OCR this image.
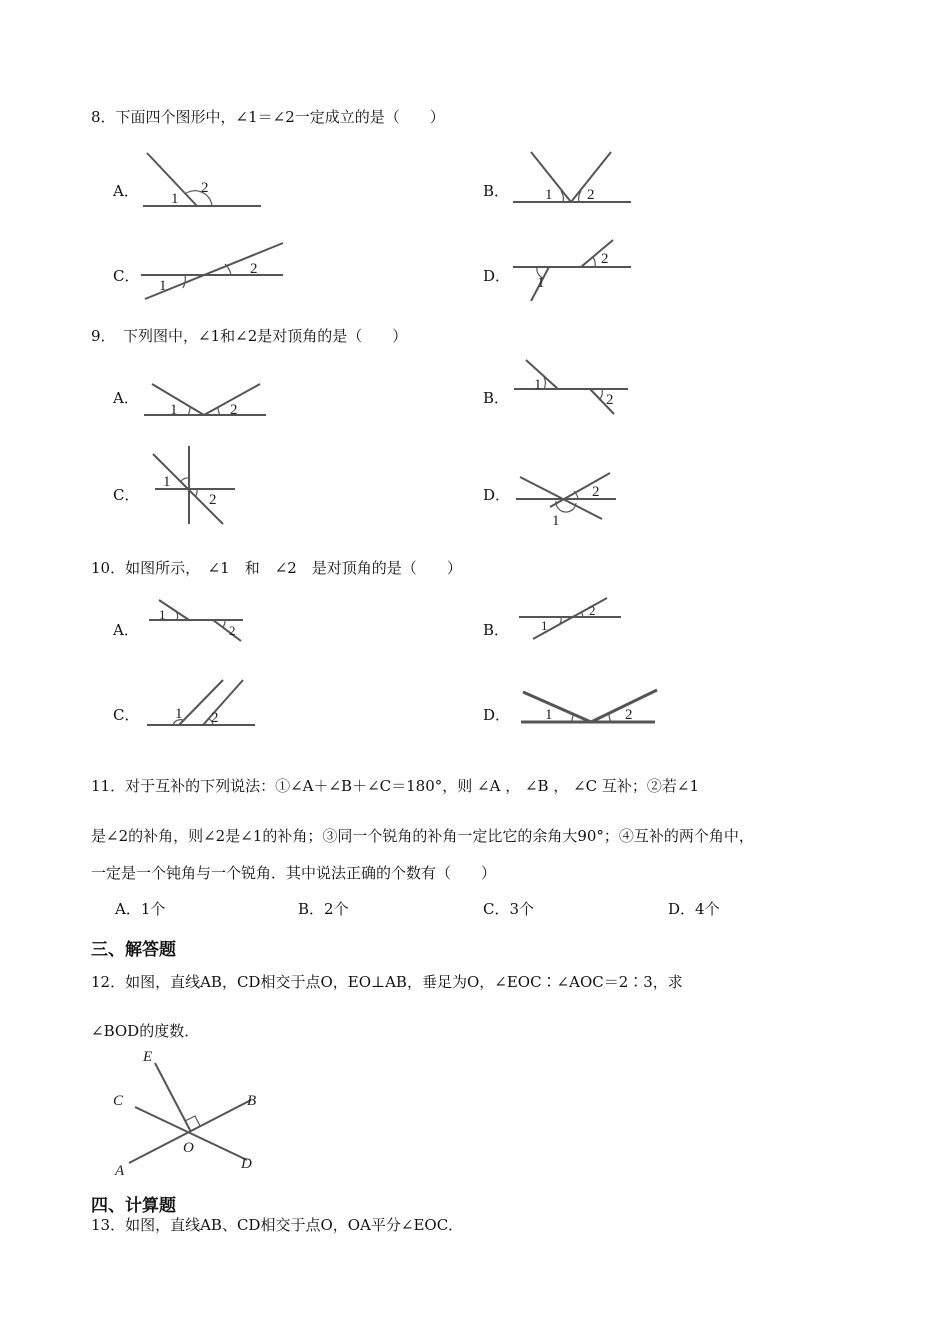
8．下面四个图形中，∠1＝∠2一定成立的是（　　）
A． 1
2	B． 1 2
C．
1
2	D． 1
2
9．　下列图中，∠1和∠2是对顶角的是（　　）
A．
1	2
B．
1
2
C．
1
2	D．
1
2
10．如图所示，　∠1　和　∠2　是对顶角的是（　　）
A．
1
2	B． 1
2
C． 1 2	D． 1	2
11．对于互补的下列说法：①∠A＋∠B＋∠C＝180°，则 ∠A ， ∠B ， ∠C 互补；②若∠1
是∠2的补角，则∠2是∠1的补角；③同一个锐角的补角一定比它的余角大90°；④互补的两个角中，
一定是一个钝角与一个锐角．其中说法正确的个数有（　　）
A．1个	B．2个	C．3个	D．4个
三、解答题
12．如图，直线AB，CD相交于点O，EO⊥AB，垂足为O，∠EOC∶∠AOC＝2∶3，求
∠BOD的度数．
E
C	B
O
A	D
四、计算题
13．如图，直线AB、CD相交于点O，OA平分∠EOC．
